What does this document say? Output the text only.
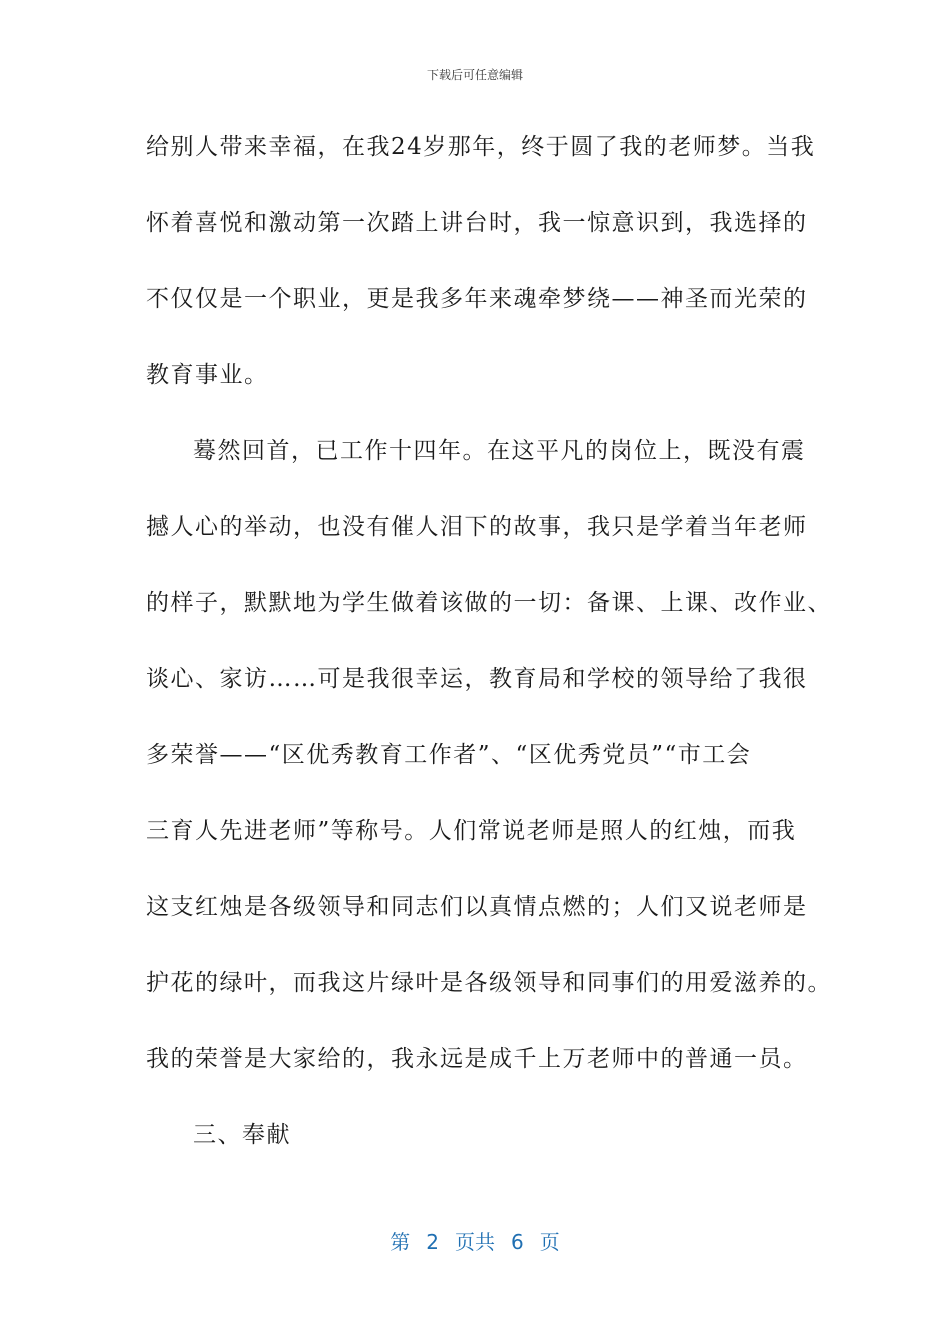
下载后可任意编辑
给别人带来幸福，在我24岁那年，终于圆了我的老师梦。当我
怀着喜悦和激动第一次踏上讲台时，我一惊意识到，我选择的
不仅仅是一个职业，更是我多年来魂牵梦绕——神圣而光荣的
教育事业。
蓦然回首，已工作十四年。在这平凡的岗位上，既没有震
撼人心的举动，也没有催人泪下的故事，我只是学着当年老师
的样子，默默地为学生做着该做的一切：备课、上课、改作业、
谈心、家访……可是我很幸运，教育局和学校的领导给了我很
多荣誉——“区优秀教育工作者”、“区优秀党员”“市工会
三育人先进老师”等称号。人们常说老师是照人的红烛，而我
这支红烛是各级领导和同志们以真情点燃的；人们又说老师是
护花的绿叶，而我这片绿叶是各级领导和同事们的用爱滋养的。
我的荣誉是大家给的，我永远是成千上万老师中的普通一员。
三、奉献
第 2 页共 6 页
